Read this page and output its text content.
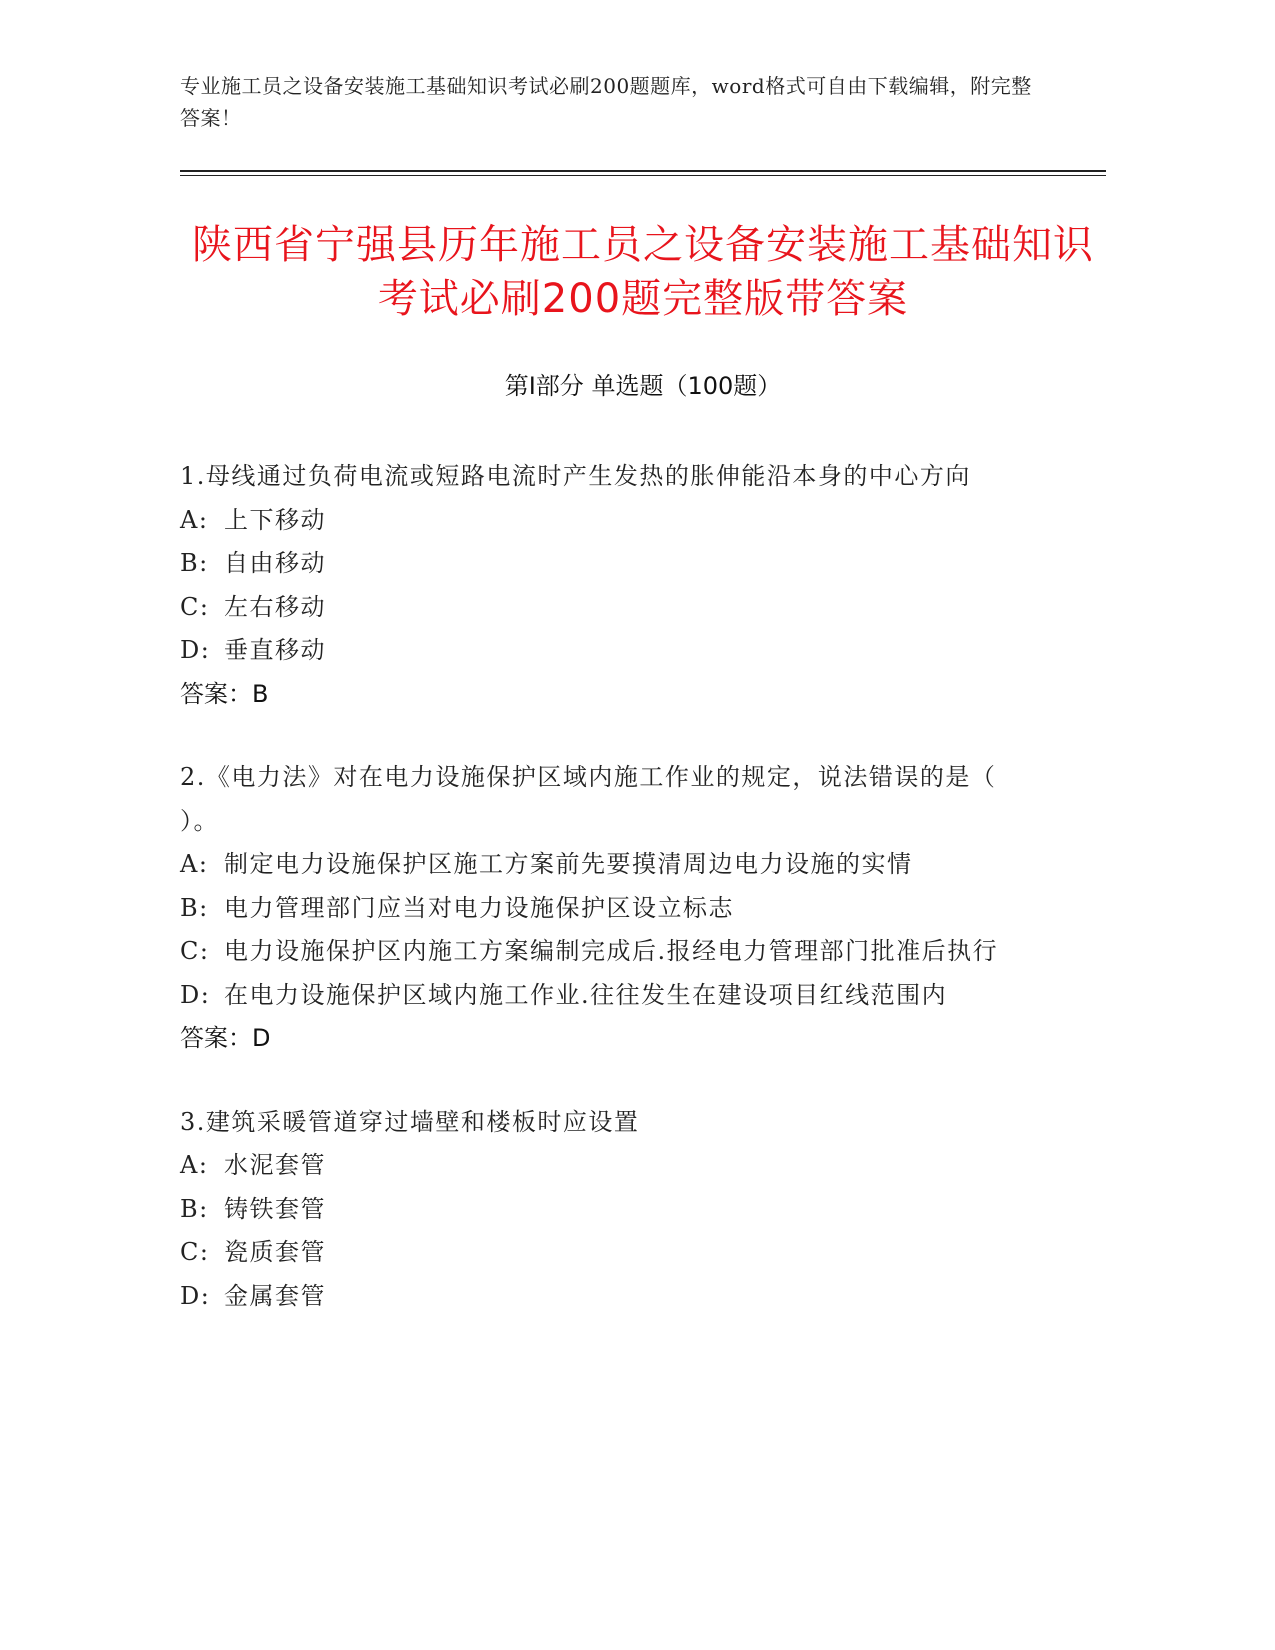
专业施工员之设备安装施工基础知识考试必刷200题题库，word格式可自由下载编辑，附完整答案！
陕西省宁强县历年施工员之设备安装施工基础知识考试必刷200题完整版带答案
第Ⅰ部分 单选题（100题）
1.母线通过负荷电流或短路电流时产生发热的胀伸能沿本身的中心方向
A: 上下移动
B: 自由移动
C: 左右移动
D: 垂直移动
答案：B
2.《电力法》对在电力设施保护区域内施工作业的规定，说法错误的是（ ）。
A: 制定电力设施保护区施工方案前先要摸清周边电力设施的实情
B: 电力管理部门应当对电力设施保护区设立标志
C: 电力设施保护区内施工方案编制完成后.报经电力管理部门批准后执行
D: 在电力设施保护区域内施工作业.往往发生在建设项目红线范围内
答案：D
3.建筑采暖管道穿过墙壁和楼板时应设置
A: 水泥套管
B: 铸铁套管
C: 瓷质套管
D: 金属套管
